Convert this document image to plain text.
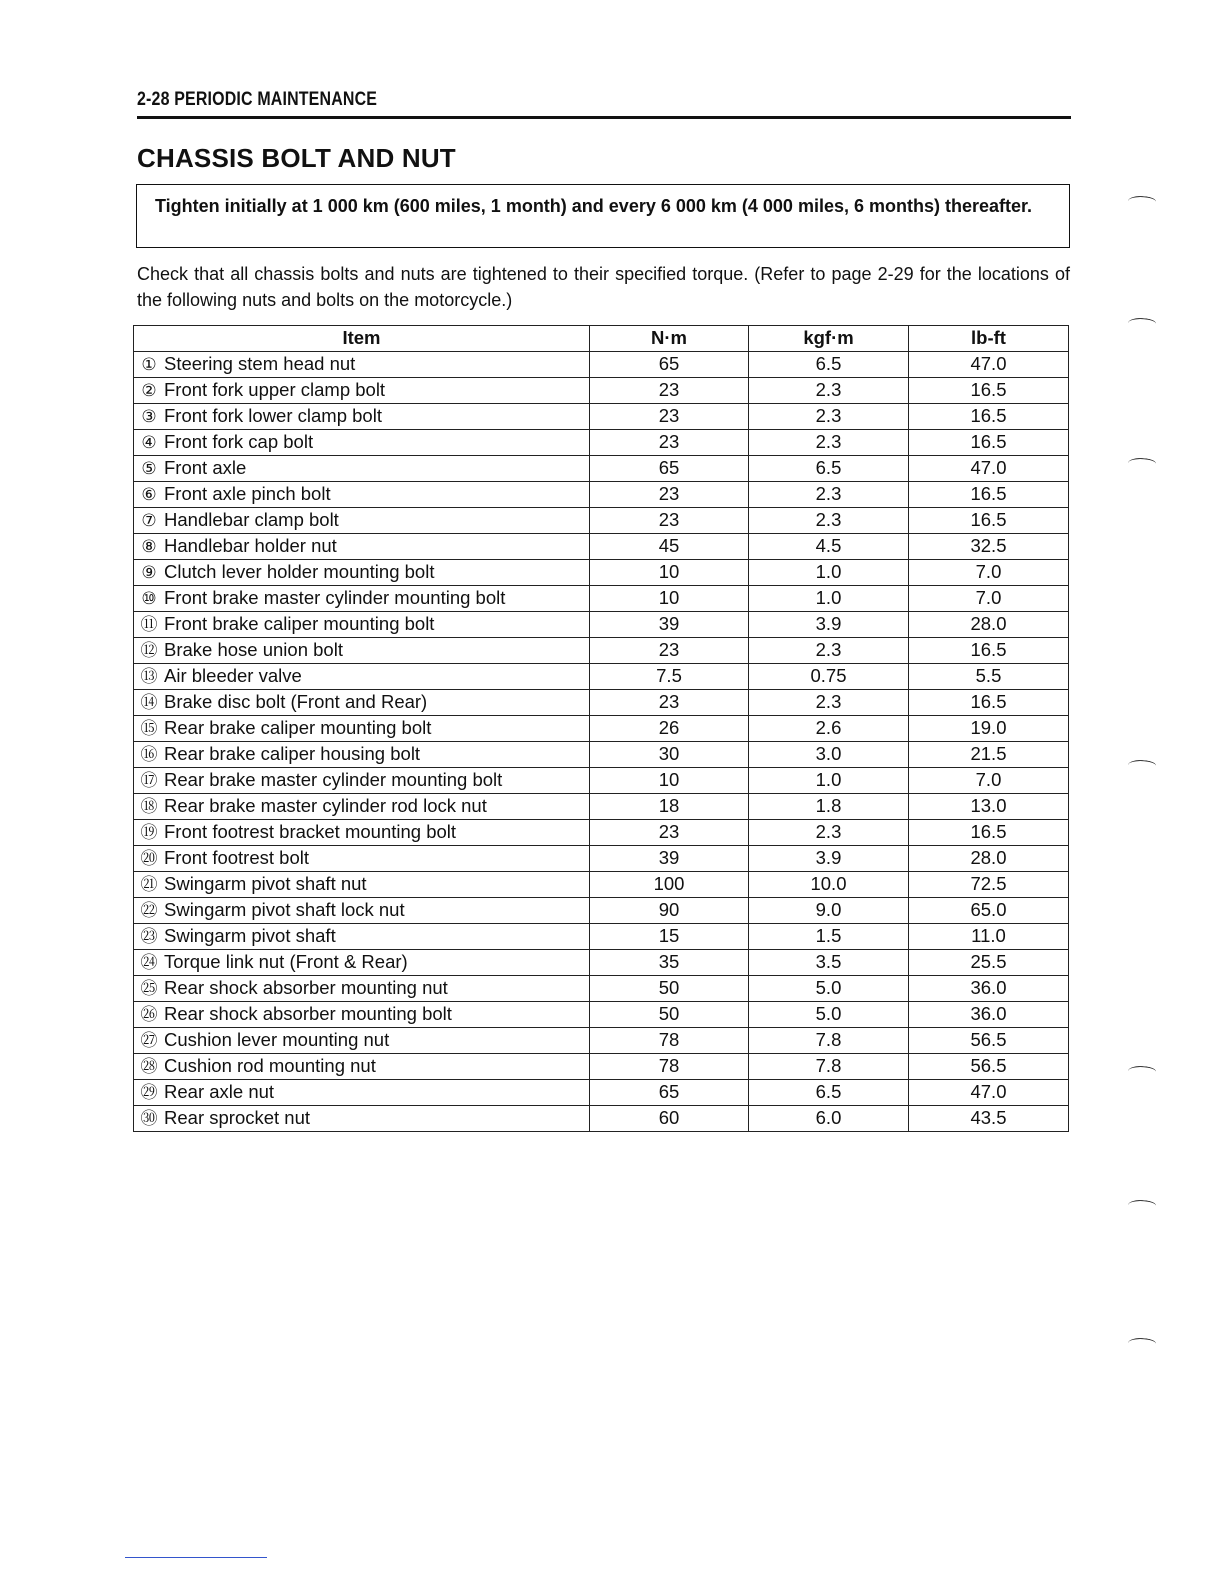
2-28 PERIODIC MAINTENANCE
CHASSIS BOLT AND NUT
Tighten initially at 1 000 km (600 miles, 1 month) and every 6 000 km (4 000 miles, 6 months) thereafter.
Check that all chassis bolts and nuts are tightened to their specified torque. (Refer to page 2-29 for the locations of the following nuts and bolts on the motorcycle.)
Item	N·m	kgf·m	lb-ft
① Steering stem head nut	65	6.5	47.0
② Front fork upper clamp bolt	23	2.3	16.5
③ Front fork lower clamp bolt	23	2.3	16.5
④ Front fork cap bolt	23	2.3	16.5
⑤ Front axle	65	6.5	47.0
⑥ Front axle pinch bolt	23	2.3	16.5
⑦ Handlebar clamp bolt	23	2.3	16.5
⑧ Handlebar holder nut	45	4.5	32.5
⑨ Clutch lever holder mounting bolt	10	1.0	7.0
⑩ Front brake master cylinder mounting bolt	10	1.0	7.0
⑪ Front brake caliper mounting bolt	39	3.9	28.0
⑫ Brake hose union bolt	23	2.3	16.5
⑬ Air bleeder valve	7.5	0.75	5.5
⑭ Brake disc bolt (Front and Rear)	23	2.3	16.5
⑮ Rear brake caliper mounting bolt	26	2.6	19.0
⑯ Rear brake caliper housing bolt	30	3.0	21.5
⑰ Rear brake master cylinder mounting bolt	10	1.0	7.0
⑱ Rear brake master cylinder rod lock nut	18	1.8	13.0
⑲ Front footrest bracket mounting bolt	23	2.3	16.5
⑳ Front footrest bolt	39	3.9	28.0
㉑ Swingarm pivot shaft nut	100	10.0	72.5
㉒ Swingarm pivot shaft lock nut	90	9.0	65.0
㉓ Swingarm pivot shaft	15	1.5	11.0
㉔ Torque link nut (Front & Rear)	35	3.5	25.5
㉕ Rear shock absorber mounting nut	50	5.0	36.0
㉖ Rear shock absorber mounting bolt	50	5.0	36.0
㉗ Cushion lever mounting nut	78	7.8	56.5
㉘ Cushion rod mounting nut	78	7.8	56.5
㉙ Rear axle nut	65	6.5	47.0
㉚ Rear sprocket nut	60	6.0	43.5
